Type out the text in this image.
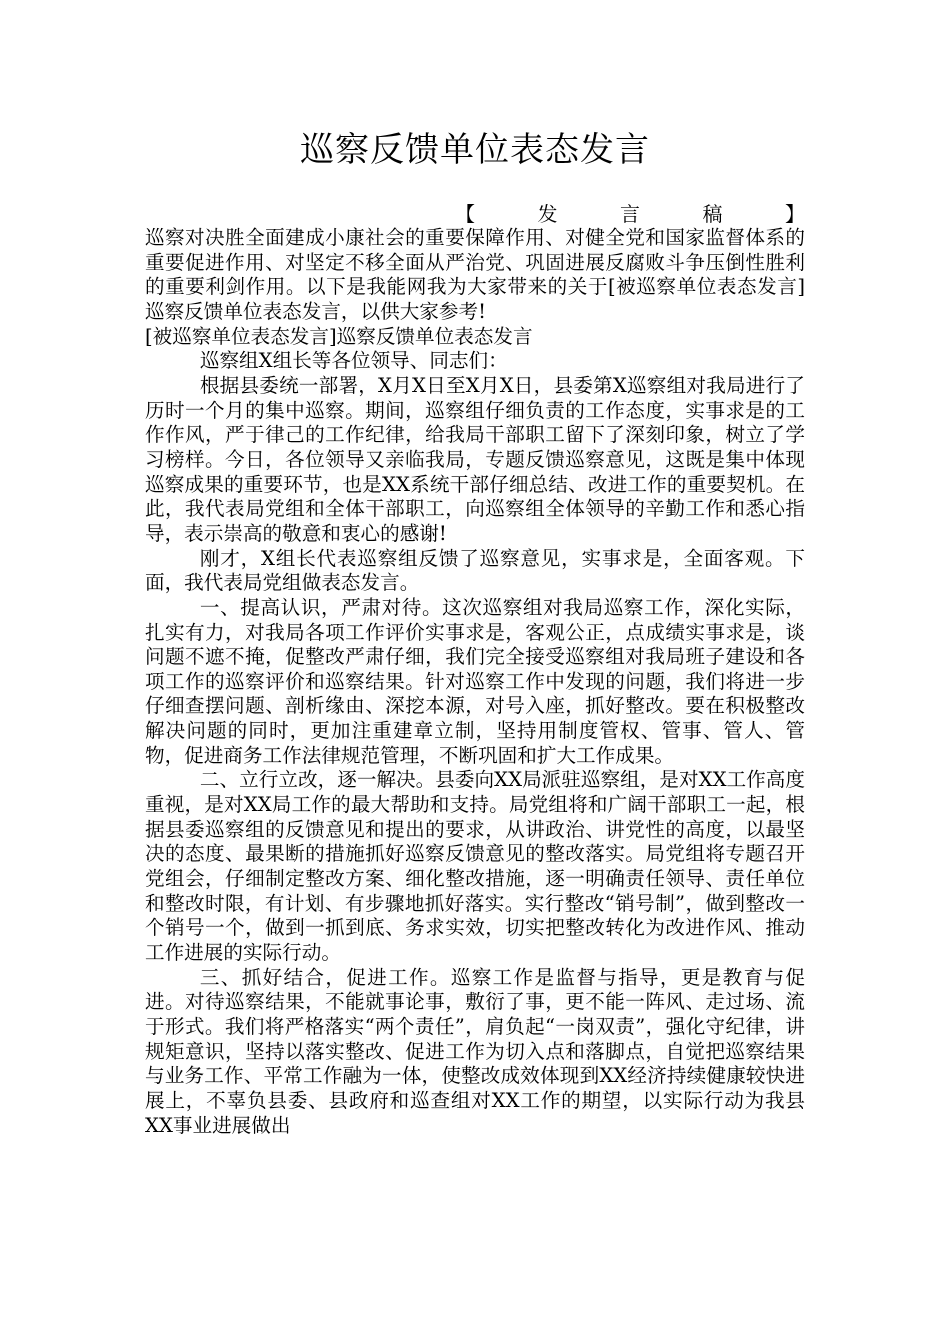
巡察反馈单位表态发言
【	发	言	稿	】

巡察对决胜全面建成小康社会的重要保障作用、对健全党和国家监督体系的重要促进作用、对坚定不移全面从严治党、巩固进展反腐败斗争压倒性胜利的重要利剑作用。以下是我能网我为大家带来的关于[被巡察单位表态发言]巡察反馈单位表态发言，以供大家参考!

[被巡察单位表态发言]巡察反馈单位表态发言

巡察组X组长等各位领导、同志们：

根据县委统一部署，X月X日至X月X日，县委第X巡察组对我局进行了历时一个月的集中巡察。期间，巡察组仔细负责的工作态度，实事求是的工作作风，严于律己的工作纪律，给我局干部职工留下了深刻印象，树立了学习榜样。今日，各位领导又亲临我局，专题反馈巡察意见，这既是集中体现巡察成果的重要环节，也是XX系统干部仔细总结、改进工作的重要契机。在此，我代表局党组和全体干部职工，向巡察组全体领导的辛勤工作和悉心指导，表示崇高的敬意和衷心的感谢!

刚才，X组长代表巡察组反馈了巡察意见，实事求是，全面客观。下面，我代表局党组做表态发言。

一、提高认识，严肃对待。这次巡察组对我局巡察工作，深化实际，扎实有力，对我局各项工作评价实事求是，客观公正，点成绩实事求是，谈问题不遮不掩，促整改严肃仔细，我们完全接受巡察组对我局班子建设和各项工作的巡察评价和巡察结果。针对巡察工作中发现的问题，我们将进一步仔细查摆问题、剖析缘由、深挖本源，对号入座，抓好整改。要在积极整改解决问题的同时，更加注重建章立制，坚持用制度管权、管事、管人、管物，促进商务工作法律规范管理，不断巩固和扩大工作成果。

二、立行立改，逐一解决。县委向XX局派驻巡察组，是对XX工作高度重视，是对XX局工作的最大帮助和支持。局党组将和广阔干部职工一起，根据县委巡察组的反馈意见和提出的要求，从讲政治、讲党性的高度，以最坚决的态度、最果断的措施抓好巡察反馈意见的整改落实。局党组将专题召开党组会，仔细制定整改方案、细化整改措施，逐一明确责任领导、责任单位和整改时限，有计划、有步骤地抓好落实。实行整改“销号制”，做到整改一个销号一个，做到一抓到底、务求实效，切实把整改转化为改进作风、推动工作进展的实际行动。

三、抓好结合，促进工作。巡察工作是监督与指导，更是教育与促进。对待巡察结果，不能就事论事，敷衍了事，更不能一阵风、走过场、流于形式。我们将严格落实“两个责任”，肩负起“一岗双责”，强化守纪律，讲规矩意识，坚持以落实整改、促进工作为切入点和落脚点，自觉把巡察结果与业务工作、平常工作融为一体，使整改成效体现到XX经济持续健康较快进展上，不辜负县委、县政府和巡查组对XX工作的期望，以实际行动为我县XX事业进展做出
